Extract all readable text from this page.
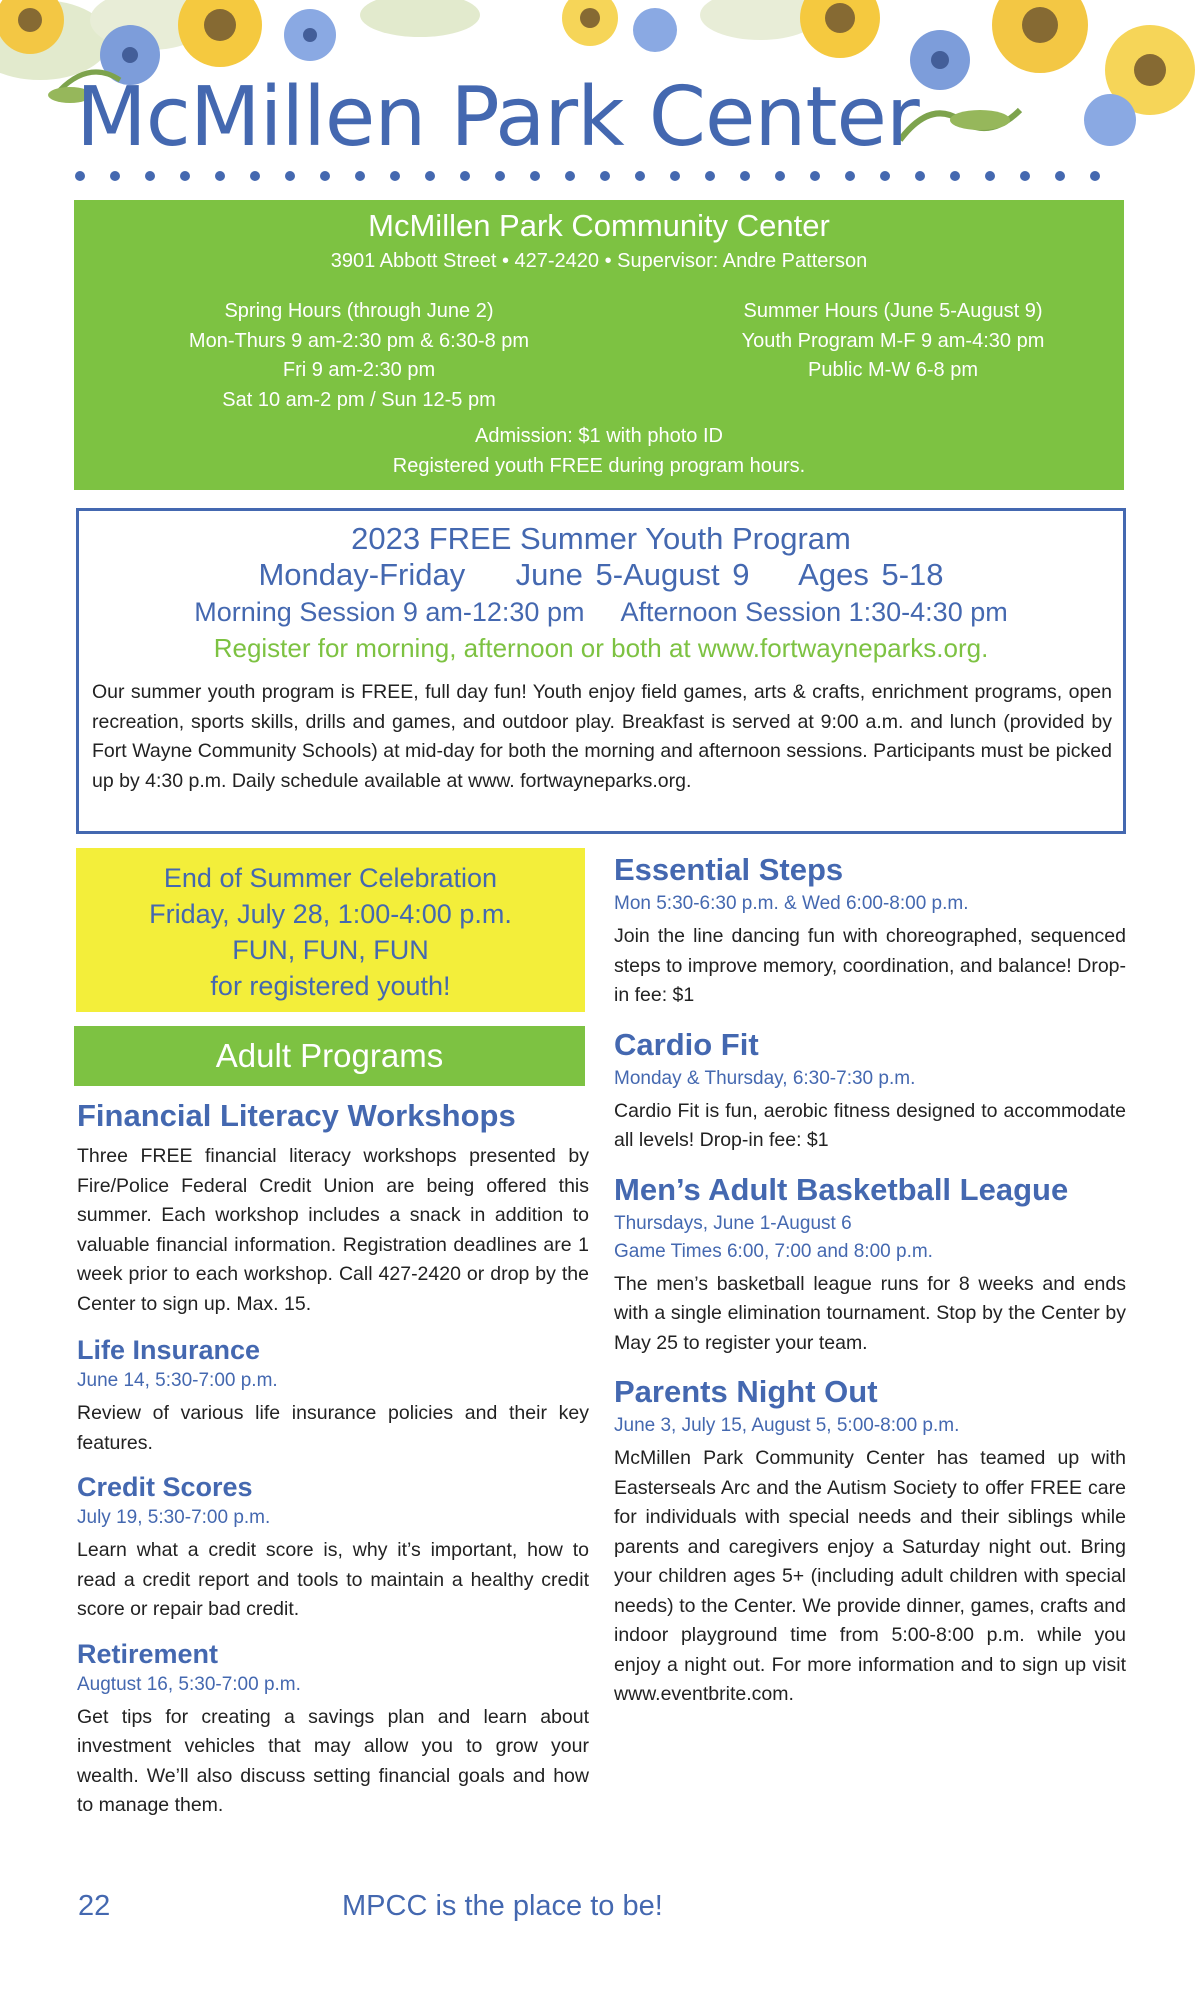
McMillen Park Center
McMillen Park Community Center
3901 Abbott Street • 427-2420 • Supervisor: Andre Patterson
Spring Hours (through June 2)
Mon-Thurs 9 am-2:30 pm & 6:30-8 pm
Fri 9 am-2:30 pm
Sat 10 am-2 pm / Sun 12-5 pm
Summer Hours (June 5-August 9)
Youth Program M-F 9 am-4:30 pm
Public M-W 6-8 pm
Admission: $1 with photo ID
Registered youth FREE during program hours.
2023 FREE Summer Youth Program
Monday-Friday    June 5-August 9    Ages 5-18
Morning Session 9 am-12:30 pm     Afternoon Session 1:30-4:30 pm
Register for morning, afternoon or both at www.fortwayneparks.org.
Our summer youth program is FREE, full day fun! Youth enjoy field games, arts & crafts, enrichment programs, open recreation, sports skills, drills and games, and outdoor play. Breakfast is served at 9:00 a.m. and lunch (provided by Fort Wayne Community Schools) at mid-day for both the morning and afternoon sessions. Participants must be picked up by 4:30 p.m. Daily schedule available at www. fortwayneparks.org.
End of Summer Celebration
Friday, July 28, 1:00-4:00 p.m.
FUN, FUN, FUN
for registered youth!
Adult Programs
Financial Literacy Workshops

Three FREE financial literacy workshops presented by Fire/Police Federal Credit Union are being offered this summer. Each workshop includes a snack in addition to valuable financial information. Registration deadlines are 1 week prior to each workshop. Call 427-2420 or drop by the Center to sign up. Max. 15.

Life Insurance

June 14, 5:30-7:00 p.m.

Review of various life insurance policies and their key features.

Credit Scores

July 19, 5:30-7:00 p.m.

Learn what a credit score is, why it’s important, how to read a credit report and tools to maintain a healthy credit score or repair bad credit.

Retirement

Augtust 16, 5:30-7:00 p.m.

Get tips for creating a savings plan and learn about investment vehicles that may allow you to grow your wealth. We’ll also discuss setting financial goals and how to manage them.

Essential Steps

Mon 5:30-6:30 p.m. & Wed 6:00-8:00 p.m.

Join the line dancing fun with choreographed, sequenced steps to improve memory, coordination, and balance! Drop-in fee: $1

Cardio Fit

Monday & Thursday, 6:30-7:30 p.m.

Cardio Fit is fun, aerobic fitness designed to accommodate all levels! Drop-in fee: $1

Men’s Adult Basketball League

Thursdays, June 1-August 6

Game Times 6:00, 7:00 and 8:00 p.m.

The men’s basketball league runs for 8 weeks and ends with a single elimination tournament. Stop by the Center by May 25 to register your team.

Parents Night Out

June 3, July 15, August 5, 5:00-8:00 p.m.

McMillen Park Community Center has teamed up with Easterseals Arc and the Autism Society to offer FREE care for individuals with special needs and their siblings while parents and caregivers enjoy a Saturday night out. Bring your children ages 5+ (including adult children with special needs) to the Center. We provide dinner, games, crafts and indoor playground time from 5:00-8:00 p.m. while you enjoy a night out. For more information and to sign up visit www.eventbrite.com.

22	MPCC is the place to be!
